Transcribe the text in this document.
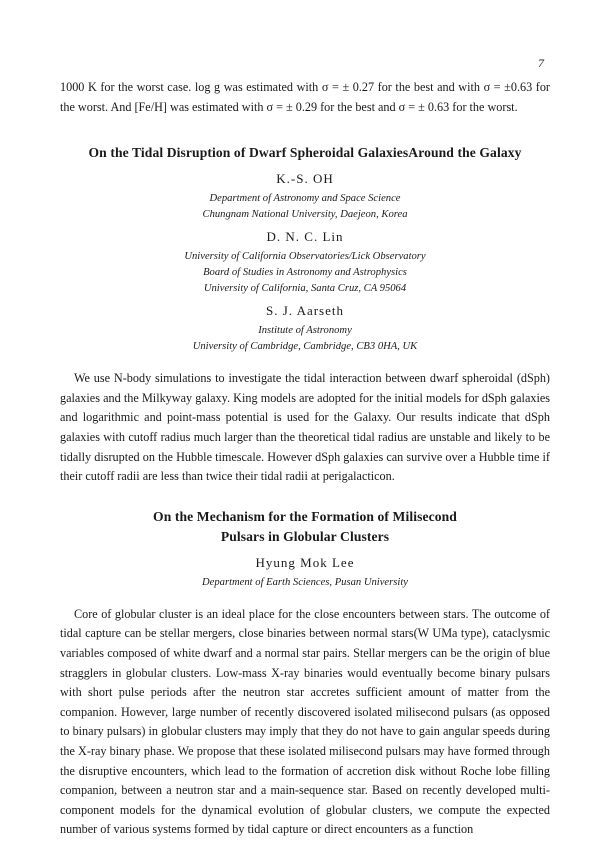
7

1000 K for the worst case. log g was estimated with σ = ± 0.27 for the best and with σ = ±0.63 for the worst. And [Fe/H] was estimated with σ = ± 0.29 for the best and σ = ± 0.63 for the worst.

On the Tidal Disruption of Dwarf Spheroidal GalaxiesAround the Galaxy
K.-S. OH
Department of Astronomy and Space Science
Chungnam National University, Daejeon, Korea
D. N. C. Lin
University of California Observatories/Lick Observatory
Board of Studies in Astronomy and Astrophysics
University of California, Santa Cruz, CA 95064
S. J. Aarseth
Institute of Astronomy
University of Cambridge, Cambridge, CB3 0HA, UK

We use N-body simulations to investigate the tidal interaction between dwarf spheroidal (dSph) galaxies and the Milkyway galaxy. King models are adopted for the initial models for dSph galaxies and logarithmic and point-mass potential is used for the Galaxy. Our results indicate that dSph galaxies with cutoff radius much larger than the theoretical tidal radius are unstable and likely to be tidally disrupted on the Hubble timescale. However dSph galaxies can survive over a Hubble time if their cutoff radii are less than twice their tidal radii at perigalacticon.

On the Mechanism for the Formation of Milisecond
Pulsars in Globular Clusters
Hyung Mok Lee
Department of Earth Sciences, Pusan University

Core of globular cluster is an ideal place for the close encounters between stars. The outcome of tidal capture can be stellar mergers, close binaries between normal stars(W UMa type), cataclysmic variables composed of white dwarf and a normal star pairs. Stellar mergers can be the origin of blue stragglers in globular clusters. Low-mass X-ray binaries would eventually become binary pulsars with short pulse periods after the neutron star accretes sufficient amount of matter from the companion. However, large number of recently discovered isolated milisecond pulsars (as opposed to binary pulsars) in globular clusters may imply that they do not have to gain angular speeds during the X-ray binary phase. We propose that these isolated milisecond pulsars may have formed through the disruptive encounters, which lead to the formation of accretion disk without Roche lobe filling companion, between a neutron star and a main-sequence star. Based on recently developed multi-component models for the dynamical evolution of globular clusters, we compute the expected number of various systems formed by tidal capture or direct encounters as a function
